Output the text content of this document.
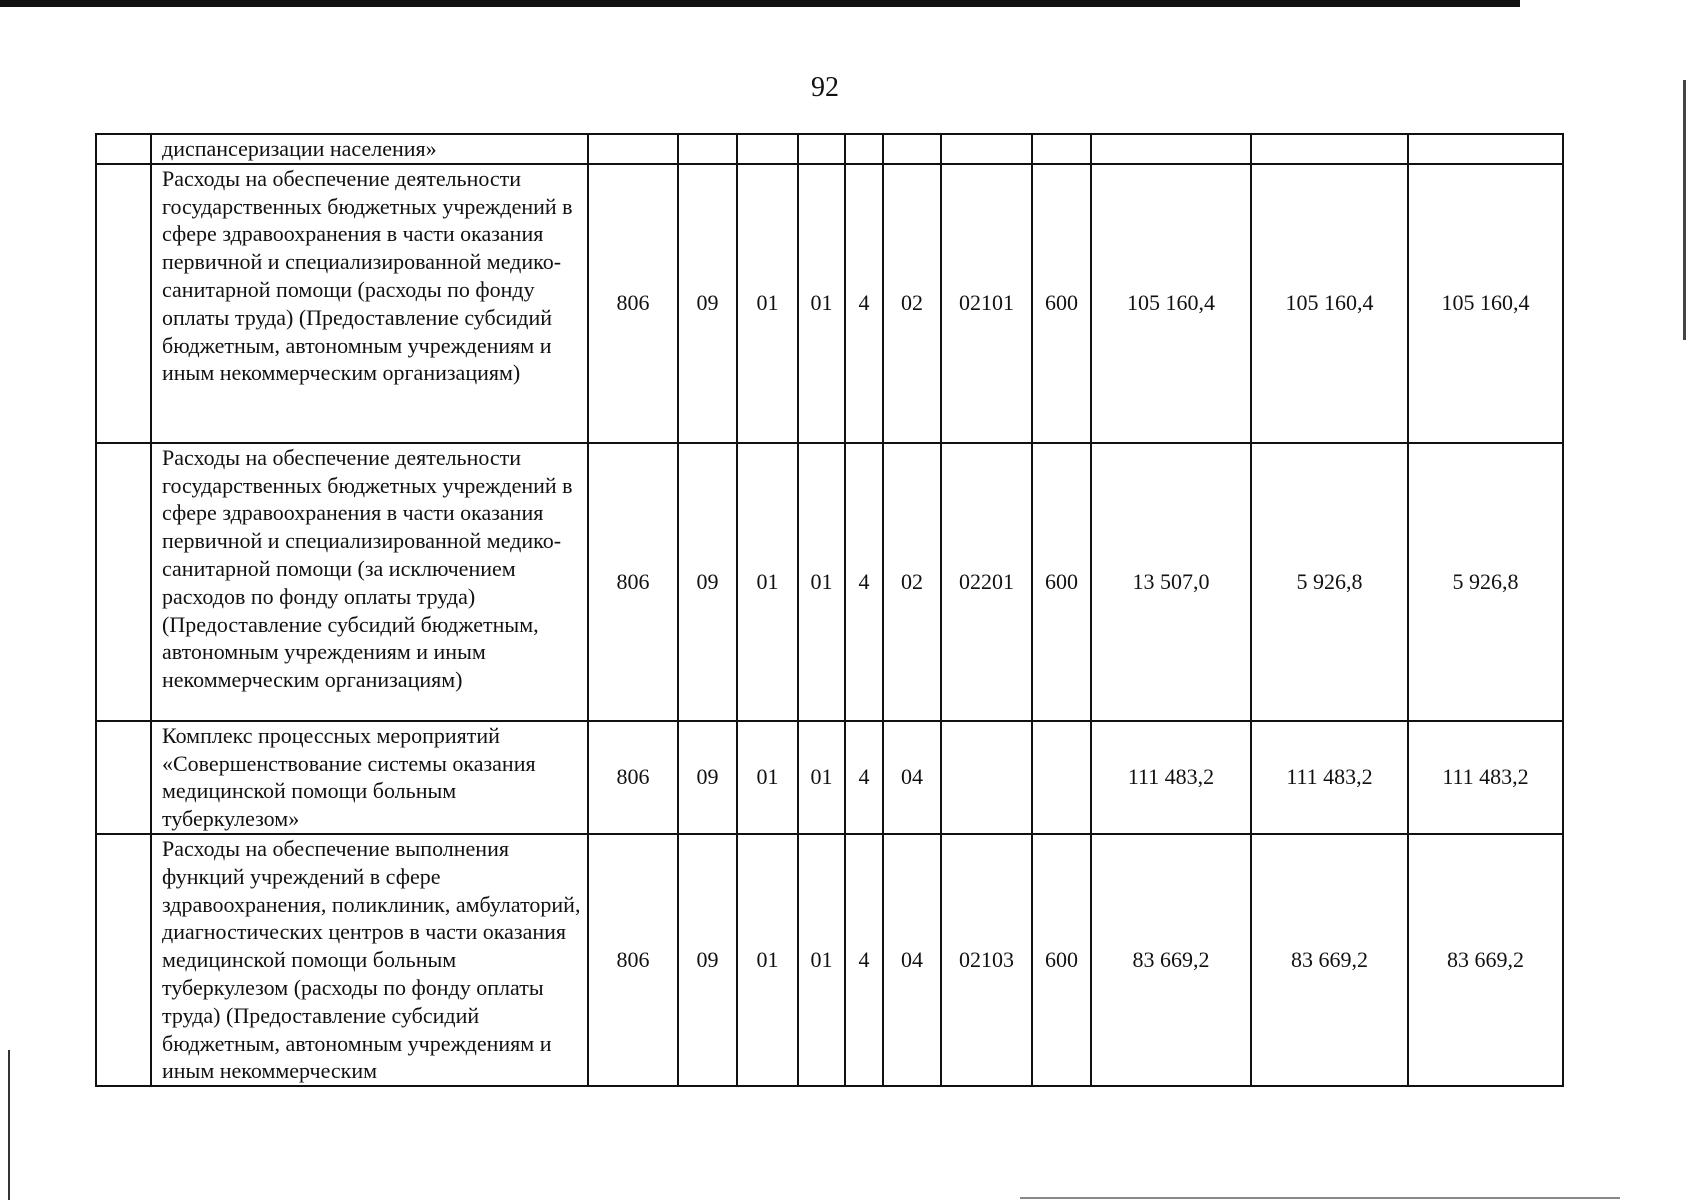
92
	диспансеризации населения»											
	Расходы на обеспечение деятельности государственных бюджетных учреждений в сфере здравоохранения в части оказания первичной и специализированной медико-санитарной помощи (расходы по фонду оплаты труда) (Предоставление субсидий бюджетным, автономным учреждениям и иным некоммерческим организациям)	806	09	01	01	4	02	02101	600	105 160,4	105 160,4	105 160,4
	Расходы на обеспечение деятельности государственных бюджетных учреждений в сфере здравоохранения в части оказания первичной и специализированной медико-санитарной помощи (за исключением расходов по фонду оплаты труда) (Предоставление субсидий бюджетным, автономным учреждениям и иным некоммерческим организациям)	806	09	01	01	4	02	02201	600	13 507,0	5 926,8	5 926,8
	Комплекс процессных мероприятий «Совершенствование системы оказания медицинской помощи больным туберкулезом»	806	09	01	01	4	04			111 483,2	111 483,2	111 483,2
	Расходы на обеспечение выполнения функций учреждений в сфере здравоохранения, поликлиник, амбулаторий, диагностических центров в части оказания медицинской помощи больным туберкулезом (расходы по фонду оплаты труда) (Предоставление субсидий бюджетным, автономным учреждениям и иным некоммерческим	806	09	01	01	4	04	02103	600	83 669,2	83 669,2	83 669,2
